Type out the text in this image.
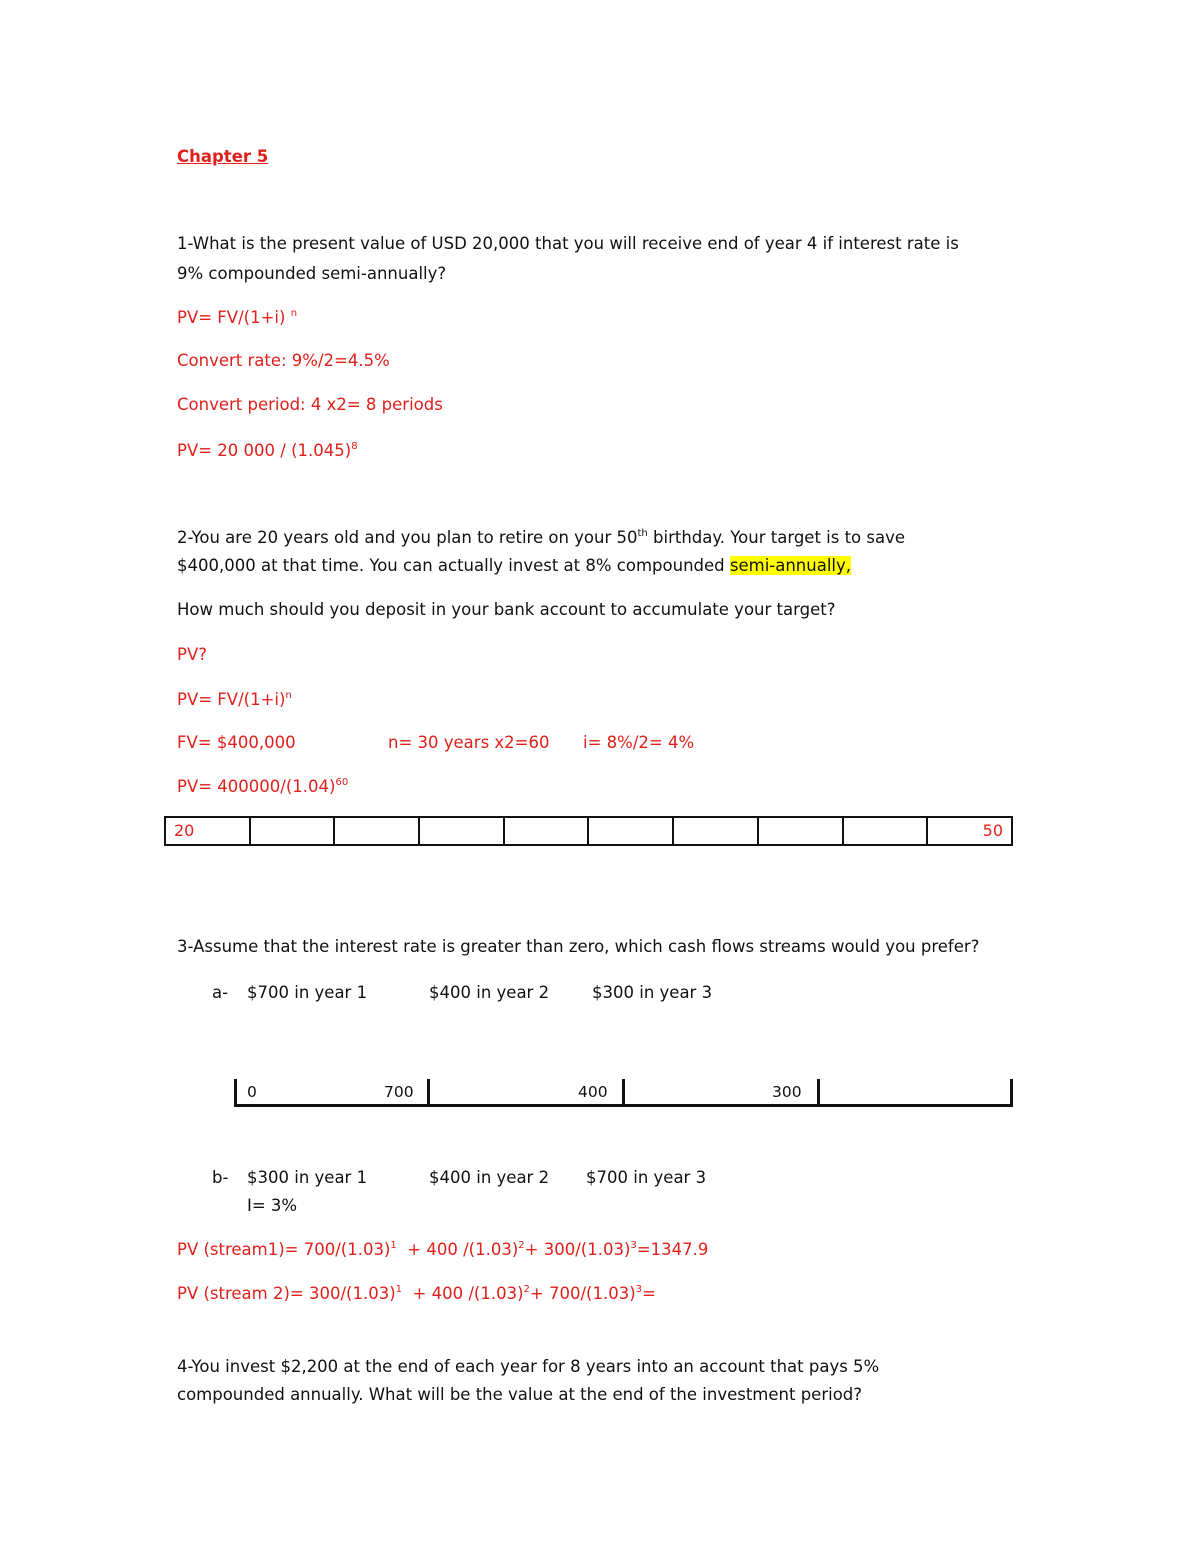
Chapter 5
1-What is the present value of USD 20,000 that you will receive end of year 4 if interest rate is
9% compounded semi-annually?
PV= FV/(1+i) $^n$
Convert rate: 9%/2=4.5%
Convert period: 4 x2= 8 periods
PV= 20 $000 / (1.045)^8$
2-You are 20 years old and you plan to retire on your 50th birthday. Your target is to save
$400,000 at that time. You can actually invest at 8% compounded semi-annually,
How much should you deposit in your bank account to accumulate your target?
PV?
$PV= FV/(1+i)^n$
FV= $400,000	n= 30 years x2=60 i= 8%/2= 4%
$PV= 400000/(1.04)^{60}$
20									50
3-Assume that the interest rate is greater than zero, which cash flows streams would you prefer?
a- $700 in year 1	$400 in year 2	$300 in year 3
0	700	400	300
b- $300 in year 1	$400 in year 2 $700 in year 3
I= 3%
PV (stream1)= $700/(1.03)^1 + 400$ $/(1.03)^2+ 300/(1.03)^3=1347.9$
PV (stream $2)= 300/(1.03)^1 + 400$ $/(1.03)^2+ 700/(1.03)^3=$
4-You invest $2,200 at the end of each year for 8 years into an account that pays 5%
compounded annually. What will be the value at the end of the investment period?
